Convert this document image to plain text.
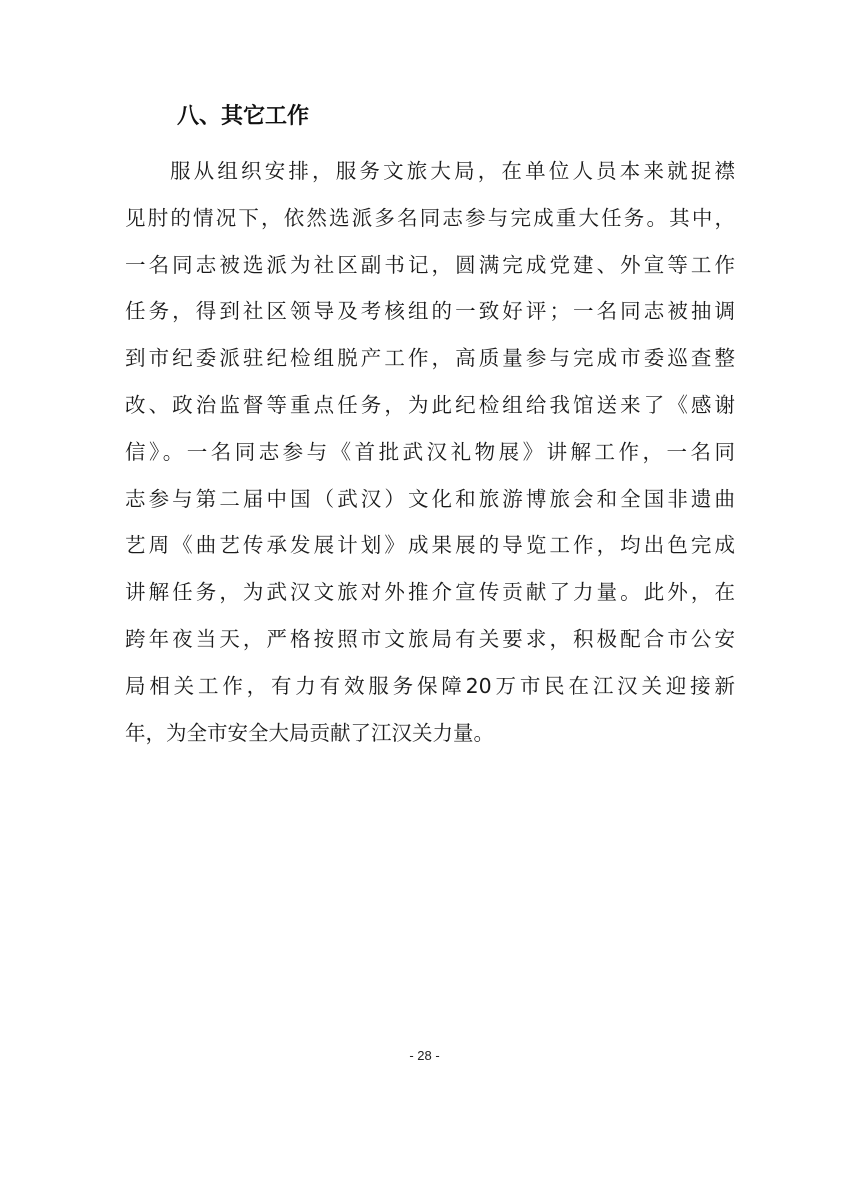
八、其它工作
服从组织安排，服务文旅大局，在单位人员本来就捉襟
见肘的情况下，依然选派多名同志参与完成重大任务。其中，
一名同志被选派为社区副书记，圆满完成党建、外宣等工作
任务，得到社区领导及考核组的一致好评；一名同志被抽调
到市纪委派驻纪检组脱产工作，高质量参与完成市委巡查整
改、政治监督等重点任务，为此纪检组给我馆送来了《感谢
信》。一名同志参与《首批武汉礼物展》讲解工作，一名同
志参与第二届中国（武汉）文化和旅游博旅会和全国非遗曲
艺周《曲艺传承发展计划》成果展的导览工作，均出色完成
讲解任务，为武汉文旅对外推介宣传贡献了力量。此外，在
跨年夜当天，严格按照市文旅局有关要求，积极配合市公安
局相关工作，有力有效服务保障20万市民在江汉关迎接新
年，为全市安全大局贡献了江汉关力量。
- 28 -
